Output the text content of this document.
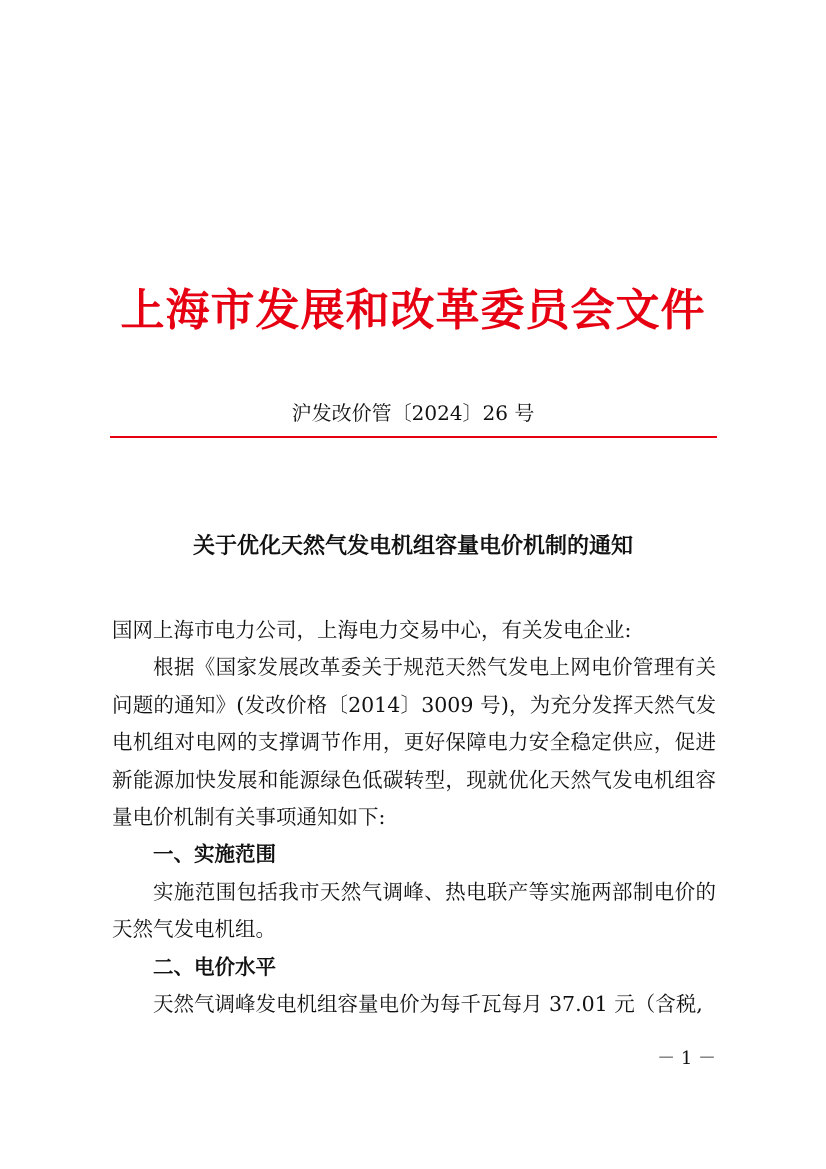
上海市发展和改革委员会文件
沪发改价管〔2024〕26 号
关于优化天然气发电机组容量电价机制的通知

国网上海市电力公司，上海电力交易中心，有关发电企业:

根据《国家发展改革委关于规范天然气发电上网电价管理有关问题的通知》(发改价格〔2014〕3009 号)，为充分发挥天然气发电机组对电网的支撑调节作用，更好保障电力安全稳定供应，促进新能源加快发展和能源绿色低碳转型，现就优化天然气发电机组容量电价机制有关事项通知如下:

一、实施范围

实施范围包括我市天然气调峰、热电联产等实施两部制电价的天然气发电机组。

二、电价水平

天然气调峰发电机组容量电价为每千瓦每月 37.01 元（含税,

－ 1 －
